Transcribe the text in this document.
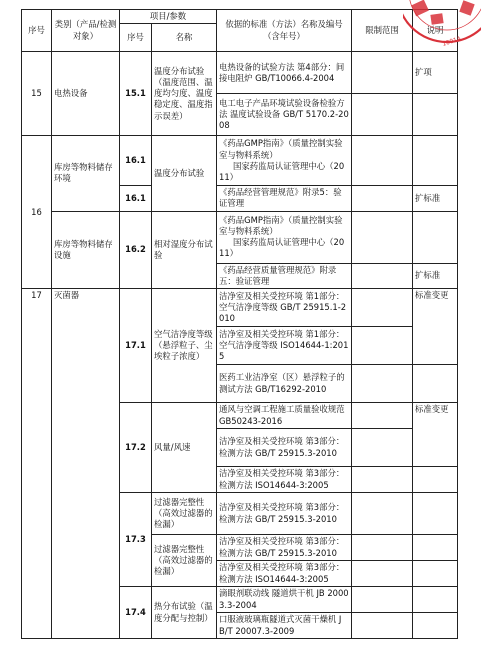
序号	类别（产品/检测对象）	项目/参数		依据的标准（方法）名称及编号（含年号）	限制范围	说明
		序号	名称			
15	电热设备	15.1	温度分布试验（温度范围、温度均匀度、温度稳定度、温度指示误差）	电热设备的试验方法 第4部分：间接电阻炉 GB/T10066.4-2004		扩项
				电工电子产品环境试验设备检验方法 温度试验设备 GB/T 5170.2-2008		
16	库房等物料储存环境	16.1	温度分布试验	《药品GMP指南》（质量控制实验室与物料系统）
国家药监局认证管理中心（2011）		
		16.1		《药品经营管理规范》附录5：验证管理		扩标准
	库房等物料储存设施	16.2	相对湿度分布试验	《药品GMP指南》（质量控制实验室与物料系统）
国家药监局认证管理中心（2011）		
				《药品经营质量管理规范》附录五：验证管理		扩标准
17	灭菌器	17.1	空气洁净度等级（悬浮粒子、尘埃粒子浓度）	洁净室及相关受控环境 第1部分：空气洁净度等级 GB/T 25915.1-2010		标准变更
				洁净室及相关受控环境 第1部分： 空气洁净度等级 ISO14644-1:2015		
				医药工业洁净室（区）悬浮粒子的测试方法 GB/T16292-2010		
		17.2	风量/风速	通风与空调工程施工质量验收规范 GB50243-2016		标准变更
				洁净室及相关受控环境 第3部分：检测方法 GB/T 25915.3-2010		
				洁净室及相关受控环境 第3部分：检测方法 ISO14644-3:2005		
		17.3	过滤器完整性（高效过滤器的检漏）	洁净室及相关受控环境 第3部分：检测方法 GB/T 25915.3-2010		

			过滤器完整性（高效过滤器的检漏）	洁净室及相关受控环境 第3部分：检测方法 GB/T 25915.3-2010		
				洁净室及相关受控环境 第3部分：检测方法 ISO14644-3:2005		
		17.4	热分布试验（温度分配与控制）	滴眼剂联动线 隧道烘干机 JB 20003.3-2004		
				口服液玻璃瓶隧道式灭菌干燥机 JB/T 20007.3-2009		
1001A
